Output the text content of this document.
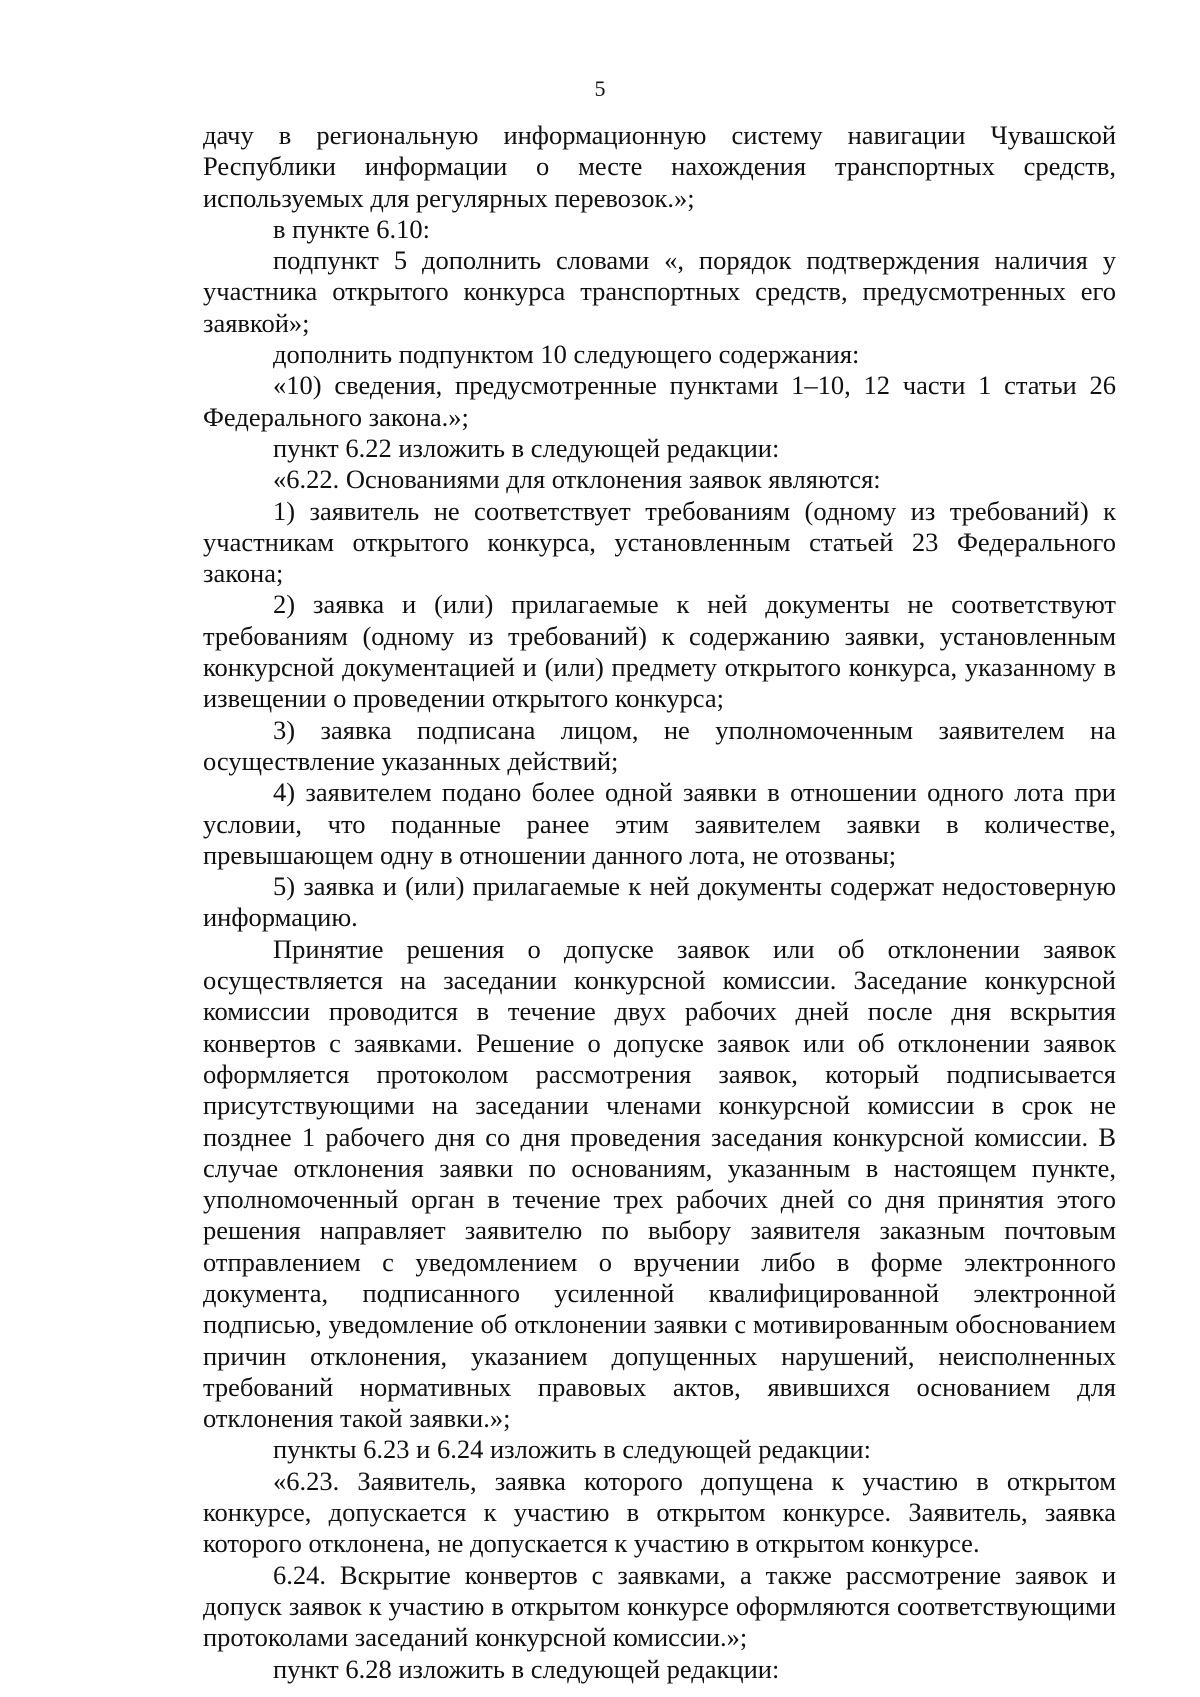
5

дачу в региональную информационную систему навигации Чувашской Республики информации о месте нахождения транспортных средств, используемых для регулярных перевозок.»;

в пункте 6.10:

подпункт 5 дополнить словами «, порядок подтверждения наличия у участника открытого конкурса транспортных средств, предусмотренных его заявкой»;

дополнить подпунктом 10 следующего содержания:

«10) сведения, предусмотренные пунктами 1–10, 12 части 1 статьи 26 Федерального закона.»;

пункт 6.22 изложить в следующей редакции:

«6.22. Основаниями для отклонения заявок являются:

1) заявитель не соответствует требованиям (одному из требований) к участникам открытого конкурса, установленным статьей 23 Федерального закона;

2) заявка и (или) прилагаемые к ней документы не соответствуют требованиям (одному из требований) к содержанию заявки, установленным конкурсной документацией и (или) предмету открытого конкурса, указанному в извещении о проведении открытого конкурса;

3) заявка подписана лицом, не уполномоченным заявителем на осуществление указанных действий;

4) заявителем подано более одной заявки в отношении одного лота при условии, что поданные ранее этим заявителем заявки в количестве, превышающем одну в отношении данного лота, не отозваны;

5) заявка и (или) прилагаемые к ней документы содержат недостоверную информацию.

Принятие решения о допуске заявок или об отклонении заявок осуществляется на заседании конкурсной комиссии. Заседание конкурсной комиссии проводится в течение двух рабочих дней после дня вскрытия конвертов с заявками. Решение о допуске заявок или об отклонении заявок оформляется протоколом рассмотрения заявок, который подписывается присутствующими на заседании членами конкурсной комиссии в срок не позднее 1 рабочего дня со дня проведения заседания конкурсной комиссии. В случае отклонения заявки по основаниям, указанным в настоящем пункте, уполномоченный орган в течение трех рабочих дней со дня принятия этого решения направляет заявителю по выбору заявителя заказным почтовым отправлением с уведомлением о вручении либо в форме электронного документа, подписанного усиленной квалифицированной электронной подписью, уведомление об отклонении заявки с мотивированным обоснованием причин отклонения, указанием допущенных нарушений, неисполненных требований нормативных правовых актов, явившихся основанием для отклонения такой заявки.»;

пункты 6.23 и 6.24 изложить в следующей редакции:

«6.23. Заявитель, заявка которого допущена к участию в открытом конкурсе, допускается к участию в открытом конкурсе. Заявитель, заявка которого отклонена, не допускается к участию в открытом конкурсе.

6.24. Вскрытие конвертов с заявками, а также рассмотрение заявок и допуск заявок к участию в открытом конкурсе оформляются соответствующими протоколами заседаний конкурсной комиссии.»;

пункт 6.28 изложить в следующей редакции:
